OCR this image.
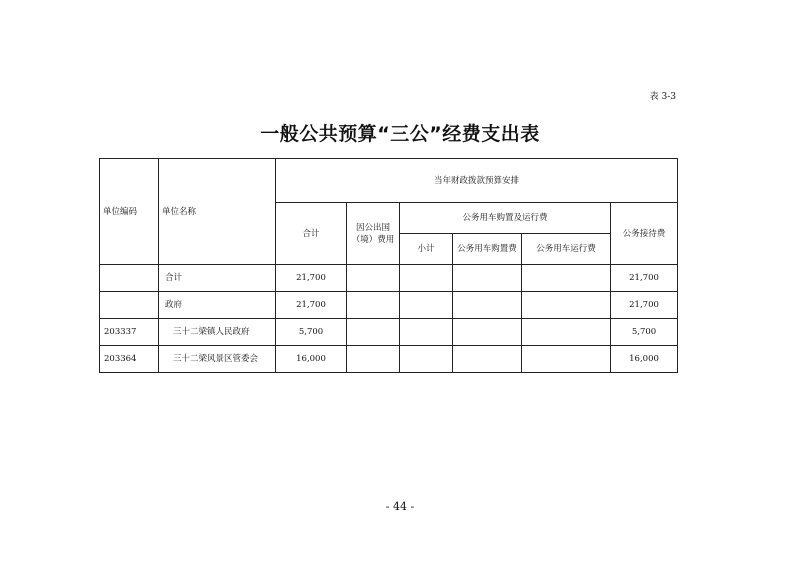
表 3-3
一般公共预算“三公”经费支出表
单位编码	单位名称	当年财政拨款预算安排					
		合计	因公出国（境）费用	公务用车购置及运行费			公务接待费
				小计	公务用车购置费	公务用车运行费	
	合计	21,700					21,700
	政府	21,700					21,700
203337	三十二梁镇人民政府	5,700					5,700
203364	三十二梁风景区管委会	16,000					16,000
- 44 -
